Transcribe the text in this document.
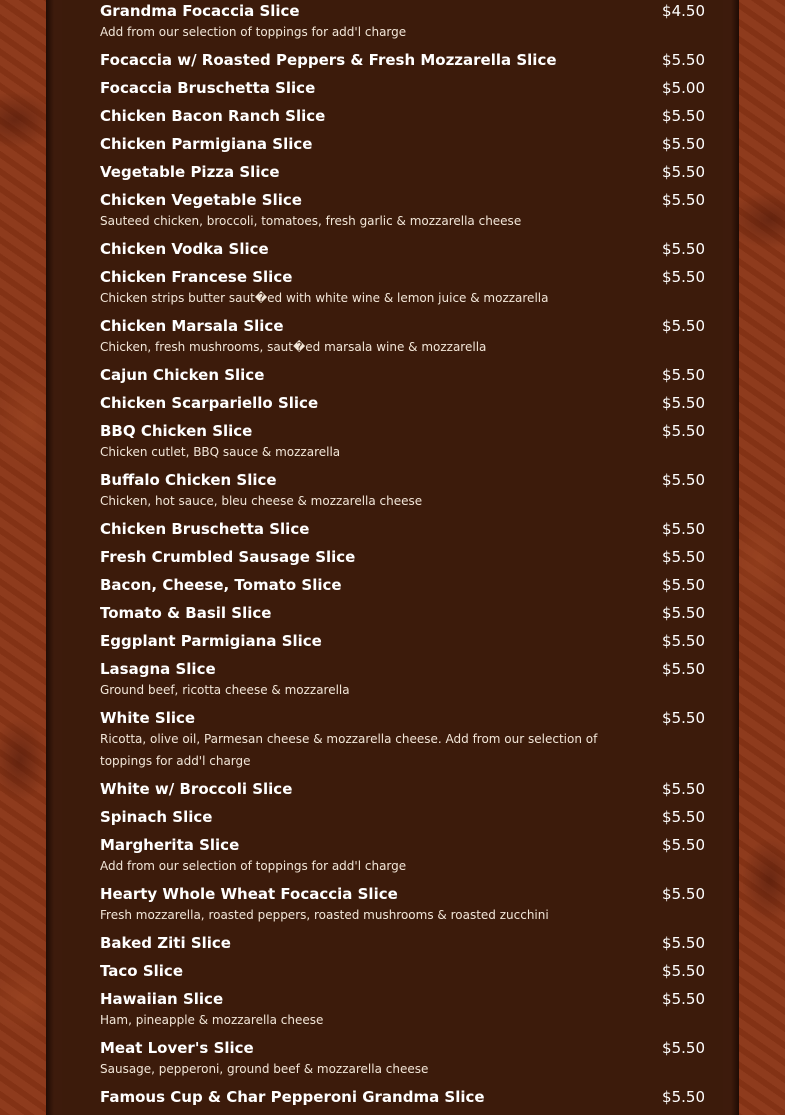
Grandma Focaccia Slice	$4.50
Add from our selection of toppings for add'l charge
Focaccia w/ Roasted Peppers & Fresh Mozzarella Slice	$5.50
Focaccia Bruschetta Slice	$5.00
Chicken Bacon Ranch Slice	$5.50
Chicken Parmigiana Slice	$5.50
Vegetable Pizza Slice	$5.50
Chicken Vegetable Slice	$5.50
Sauteed chicken, broccoli, tomatoes, fresh garlic & mozzarella cheese
Chicken Vodka Slice	$5.50
Chicken Francese Slice	$5.50
Chicken strips butter saut�ed with white wine & lemon juice & mozzarella
Chicken Marsala Slice	$5.50
Chicken, fresh mushrooms, saut�ed marsala wine & mozzarella
Cajun Chicken Slice	$5.50
Chicken Scarpariello Slice	$5.50
BBQ Chicken Slice	$5.50
Chicken cutlet, BBQ sauce & mozzarella
Buffalo Chicken Slice	$5.50
Chicken, hot sauce, bleu cheese & mozzarella cheese
Chicken Bruschetta Slice	$5.50
Fresh Crumbled Sausage Slice	$5.50
Bacon, Cheese, Tomato Slice	$5.50
Tomato & Basil Slice	$5.50
Eggplant Parmigiana Slice	$5.50
Lasagna Slice	$5.50
Ground beef, ricotta cheese & mozzarella
White Slice	$5.50
Ricotta, olive oil, Parmesan cheese & mozzarella cheese. Add from our selection of toppings for add'l charge
White w/ Broccoli Slice	$5.50
Spinach Slice	$5.50
Margherita Slice	$5.50
Add from our selection of toppings for add'l charge
Hearty Whole Wheat Focaccia Slice	$5.50
Fresh mozzarella, roasted peppers, roasted mushrooms & roasted zucchini
Baked Ziti Slice	$5.50
Taco Slice	$5.50
Hawaiian Slice	$5.50
Ham, pineapple & mozzarella cheese
Meat Lover's Slice	$5.50
Sausage, pepperoni, ground beef & mozzarella cheese
Famous Cup & Char Pepperoni Grandma Slice	$5.50
